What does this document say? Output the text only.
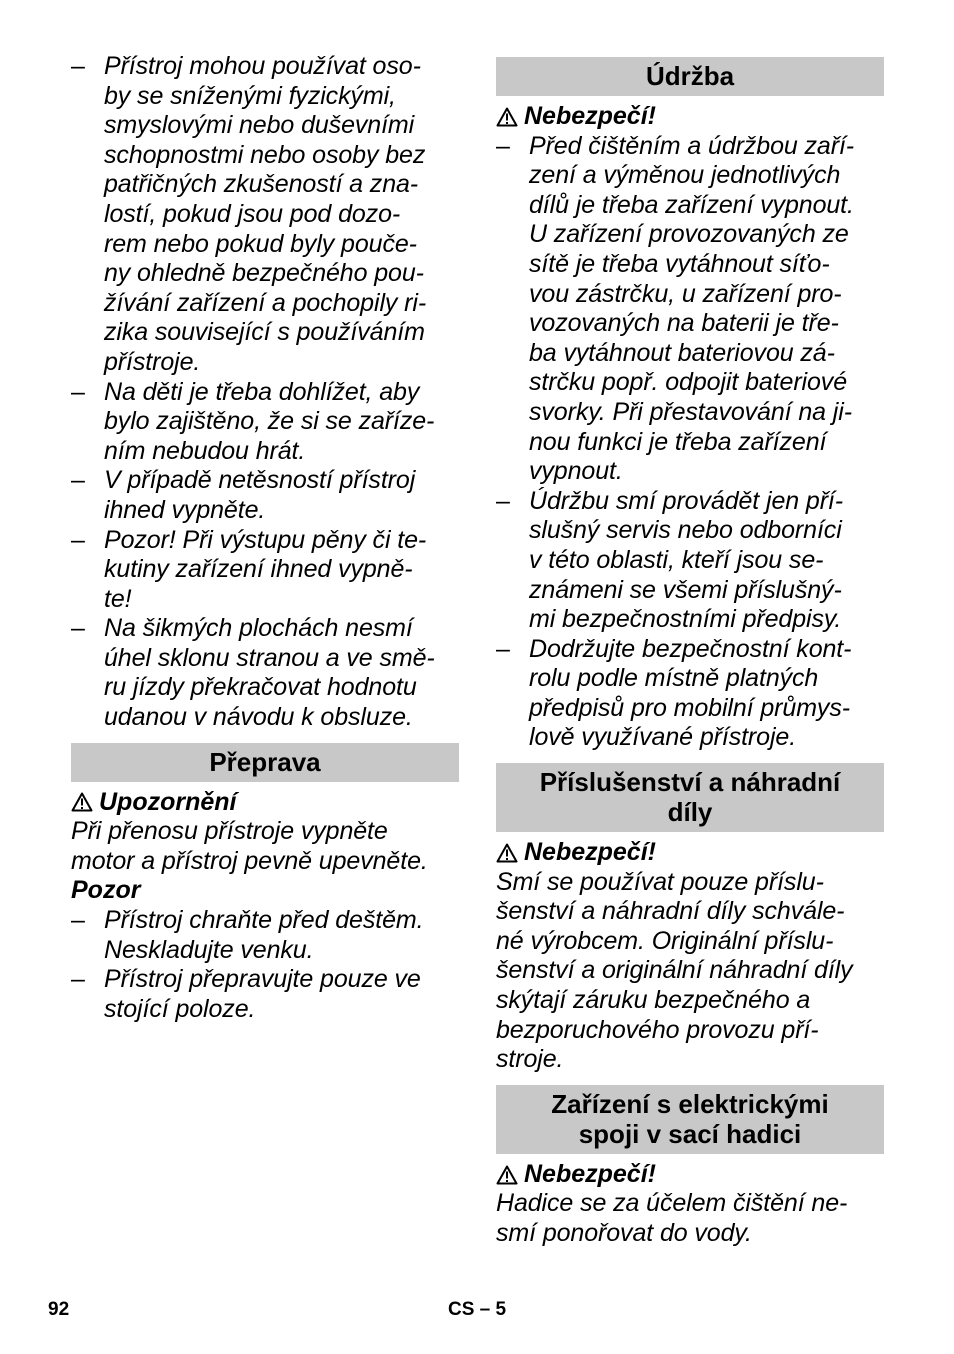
– Přístroj mohou používat oso-
by se sníženými fyzickými,
smyslovými nebo duševními
schopnostmi nebo osoby bez
patřičných zkušeností a zna-
lostí, pokud jsou pod dozo-
rem nebo pokud byly pouče-
ny ohledně bezpečného pou-
žívání zařízení a pochopily ri-
zika související s používáním
přístroje.
– Na děti je třeba dohlížet, aby
bylo zajištěno, že si se zaříze-
ním nebudou hrát.
– V případě netěsností přístroj
ihned vypněte.
– Pozor! Při výstupu pěny či te-
kutiny zařízení ihned vypně-
te!
– Na šikmých plochách nesmí
úhel sklonu stranou a ve smě-
ru jízdy překračovat hodnotu
udanou v návodu k obsluze.
Přeprava
Upozornění
Při přenosu přístroje vypněte
motor a přístroj pevně upevněte.
Pozor
– Přístroj chraňte před deštěm.
Neskladujte venku.
– Přístroj přepravujte pouze ve
stojící poloze.
Údržba
Nebezpečí!
– Před čištěním a údržbou zaří-
zení a výměnou jednotlivých
dílů je třeba zařízení vypnout.
U zařízení provozovaných ze
sítě je třeba vytáhnout síťo-
vou zástrčku, u zařízení pro-
vozovaných na baterii je tře-
ba vytáhnout bateriovou zá-
strčku popř. odpojit bateriové
svorky. Při přestavování na ji-
nou funkci je třeba zařízení
vypnout.
– Údržbu smí provádět jen pří-
slušný servis nebo odborníci
v této oblasti, kteří jsou se-
známeni se všemi příslušný-
mi bezpečnostními předpisy.
– Dodržujte bezpečnostní kont-
rolu podle místně platných
předpisů pro mobilní průmys-
lově využívané přístroje.
Příslušenství a náhradní
díly
Nebezpečí!
Smí se používat pouze příslu-
šenství a náhradní díly schvále-
né výrobcem. Originální příslu-
šenství a originální náhradní díly
skýtají záruku bezpečného a
bezporuchového provozu pří-
stroje.
Zařízení s elektrickými
spoji v sací hadici
Nebezpečí!
Hadice se za účelem čištění ne-
smí ponořovat do vody.
92	CS – 5
